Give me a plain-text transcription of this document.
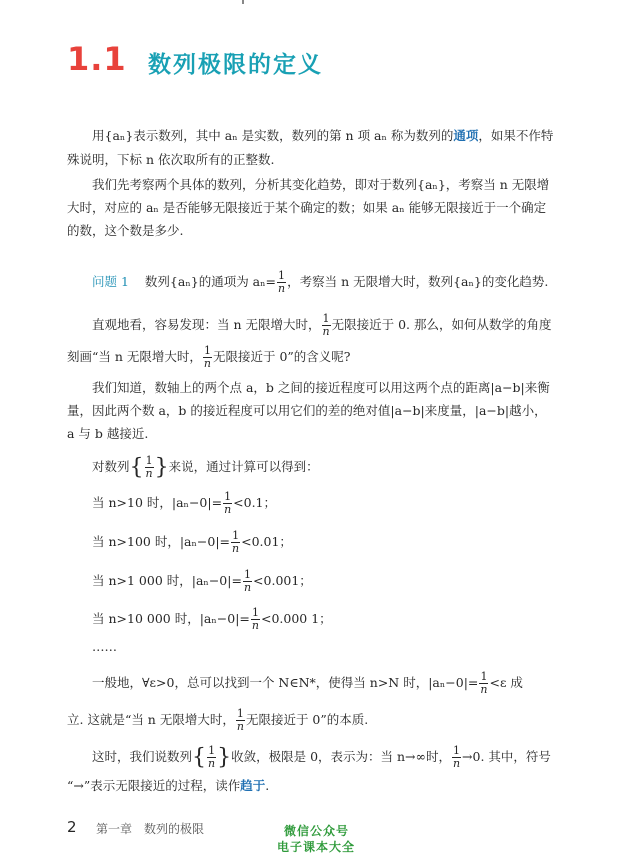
1.1 数列极限的定义
用{aₙ}表示数列，其中 aₙ 是实数，数列的第 n 项 aₙ 称为数列的通项，如果不作特
殊说明，下标 n 依次取所有的正整数.
我们先考察两个具体的数列，分析其变化趋势，即对于数列{aₙ}，考察当 n 无限增
大时，对应的 aₙ 是否能够无限接近于某个确定的数；如果 aₙ 能够无限接近于一个确定
的数，这个数是多少.
问题 1 数列{aₙ}的通项为 $a_n= \frac{1}{n}$ ，考察当 n 无限增大时，数列{aₙ}的变化趋势.
直观地看，容易发现：当 n 无限增大时， $\frac{1}{n}$ 无限接近于 0. 那么，如何从数学的角度
刻画“当 n 无限增大时， $\frac{1}{n}$ 无限接近于 0”的含义呢?
我们知道，数轴上的两个点 a，b 之间的接近程度可以用这两个点的距离|a−b|来衡
量，因此两个数 a，b 的接近程度可以用它们的差的绝对值|a−b|来度量，|a−b|越小，
a 与 b 越接近.
对数列{ $\frac{1}{n}$ }来说，通过计算可以得到：
当 n>10 时，$|a_n-0|= \frac{1}{n} <0.1$；
当 n>100 时，$|a_n-0|= \frac{1}{n} <0.01$；
当 n>1 000 时，$|a_n-0|= \frac{1}{n} <0.001$；
当 n>10 000 时，$|a_n-0|= \frac{1}{n} <0.000$ 1；
……
一般地，∀ε>0，总可以找到一个 N∈N*，使得当 n>N 时，$|a_n-0|= \frac{1}{n} <\varepsilon$ 成
立. 这就是“当 n 无限增大时， $\frac{1}{n}$ 无限接近于 0”的本质.
这时，我们说数列{ $\frac{1}{n}$ }收敛，极限是 0，表示为：当 n→∞时， $\frac{1}{n} \to 0$. 其中，符号
“→”表示无限接近的过程，读作趋于.
2 第一章　数列的极限	微信公众号
电子课本大全
